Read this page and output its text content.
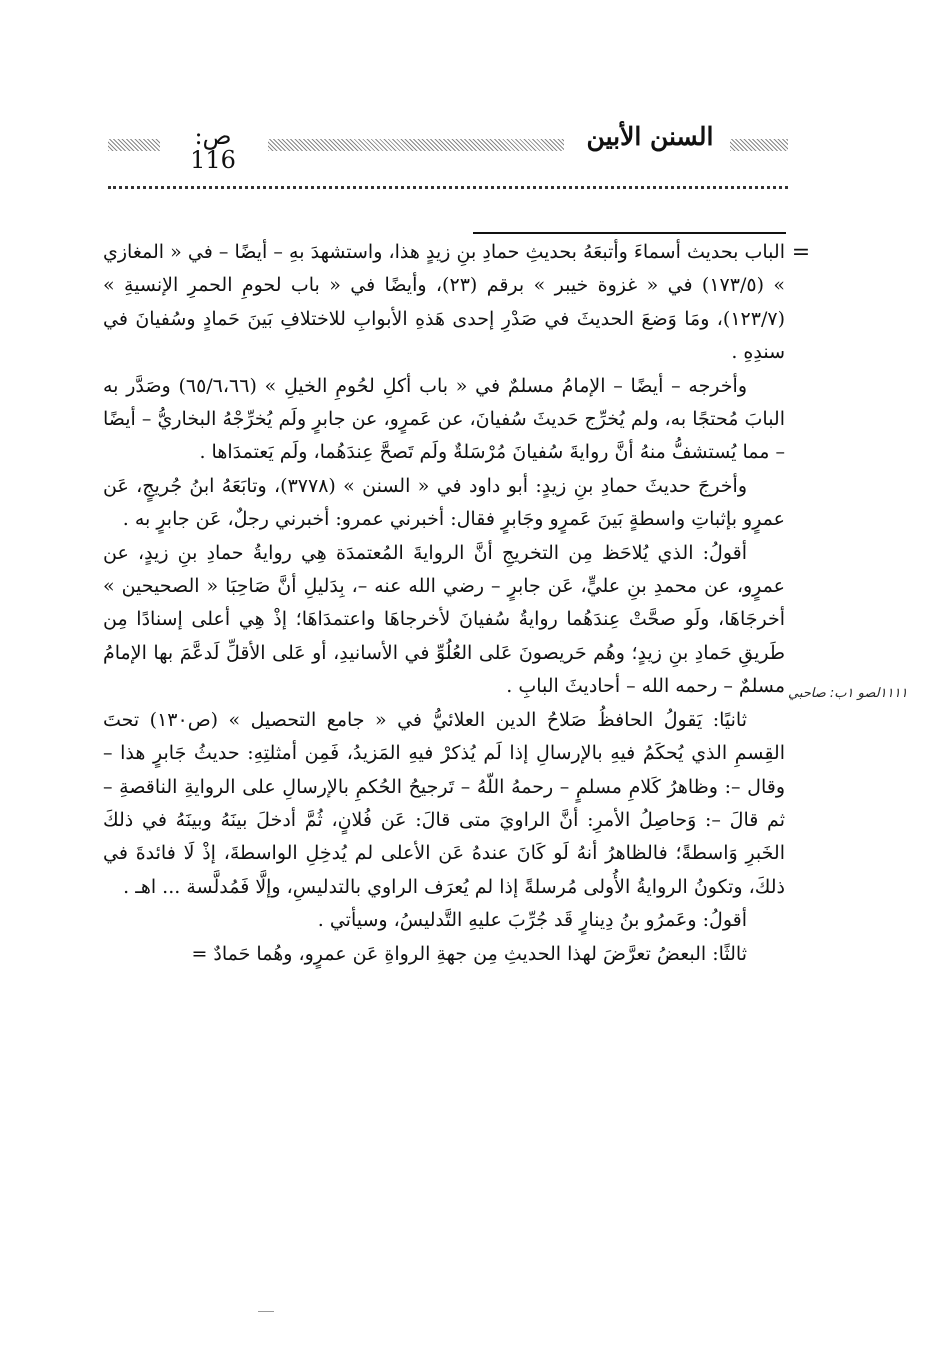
السنن الأبين
ص: 116
=
١١١١لصو ١ب: صاحبي

الباب بحديث أسماءَ وأتبعَهُ بحديثِ حمادِ بنِ زيدٍ هذا، واستشهدَ بهِ – أيضًا – في « المغازي » (١٧٣/٥) في « غزوة خيبر » برقم (٢٣)، وأيضًا في « باب لحومِ الحمرِ الإنسيةِ » (١٢٣/٧)، ومَا وَضعَ الحديثَ في صَدْرِ إحدى هَذهِ الأبوابِ للاختلافِ بَينَ حَمادٍ وسُفيانَ في سندِهِ .

وأخرجه – أيضًا – الإمامُ مسلمٌ في « باب أكلِ لحُومِ الخيلِ » (٦٥/٦،٦٦) وصَدَّر به البابَ مُحتجًا به، ولم يُخرِّج حَديثَ سُفيانَ، عن عَمرٍو، عن جابرٍ ولَم يُخرِّجْهُ البخاريُّ – أيضًا – مما يُستشفُّ منهُ أنَّ روايةَ سُفيانَ مُرْسَلةٌ ولَم تَصحَّ عِندَهُما، ولَم يَعتمدَاها .

وأخرجَ حديثَ حمادِ بنِ زيدٍ: أبو داود في « السنن » (٣٧٧٨)، وتابَعَهُ ابنُ جُريجٍ، عَن عمرٍو بإثباتِ واسطةٍ بَينَ عَمرٍو وجَابرٍ فقال: أخبرني عمرو: أخبرني رجلٌ، عَن جابرٍ به .

أقولُ: الذي يُلاحَظ مِن التخريجِ أنَّ الروايةَ المُعتمدَة هِي روايةُ حمادِ بنِ زيدٍ، عن عمرٍو، عن محمدِ بنِ عليٍّ، عَن جابرٍ – رضي الله عنه –، بِدَليلِ أنَّ صَاحِبَا « الصحيحين » أخرجَاهَا، ولَو صحَّتْ عِندَهُما روايةُ سُفيانَ لأخرجاهَا واعتمدَاهَا؛ إذْ هِي أعلى إسنادًا مِن طَريقِ حَمادِ بنِ زيدٍ؛ وهُم حَريصونَ عَلى العُلُوِّ في الأسانيدِ، أو عَلى الأقلِّ لَدعَّمَ بها الإمامُ مسلمٌ – رحمه الله – أحاديثَ البابِ .

ثانيًا: يَقولُ الحافظُ صَلاحُ الدين العلائيُّ في « جامع التحصيل » (ص١٣٠) تحتَ القِسمِ الذي يُحكَمُ فيهِ بالإرسالِ إذا لَم يُذكرْ فيهِ المَزيدُ، فَمِن أمثلتِهِ: حديثُ جَابرٍ هذا – وقال –: وظاهرُ كَلامِ مسلمٍ – رحمهُ اللّهُ – تَرجيحُ الحُكمِ بالإرسالِ على الروايةِ الناقصةِ – ثم قالَ –: وَحاصِلُ الأمرِ: أنَّ الراويَ متى قالَ: عَن فُلانٍ، ثُمَّ أدخلَ بينَهُ وبينَهُ في ذلكَ الخَبرِ وَاسطةً؛ فالظاهرُ أنهُ لَو كَانَ عندهُ عَن الأعلى لم يُدخِلِ الواسطةَ، إذْ لَا فائدةَ في ذلكَ، وتكونُ الروايةُ الأُولى مُرسلةً إذا لم يُعرَف الراوي بالتدليسِ، وإلَّا فَمُدلَّسة ... اهـ .

أقولُ: وعَمرُو بنُ دِينارٍ قَد جُرِّبَ عليهِ التَّدليسُ، وسيأتي .

ثالثًا: البعضُ تعرَّضَ لهذا الحديثِ مِن جهةِ الرواةِ عَن عمرٍو، وهُما حَمادٌ =
